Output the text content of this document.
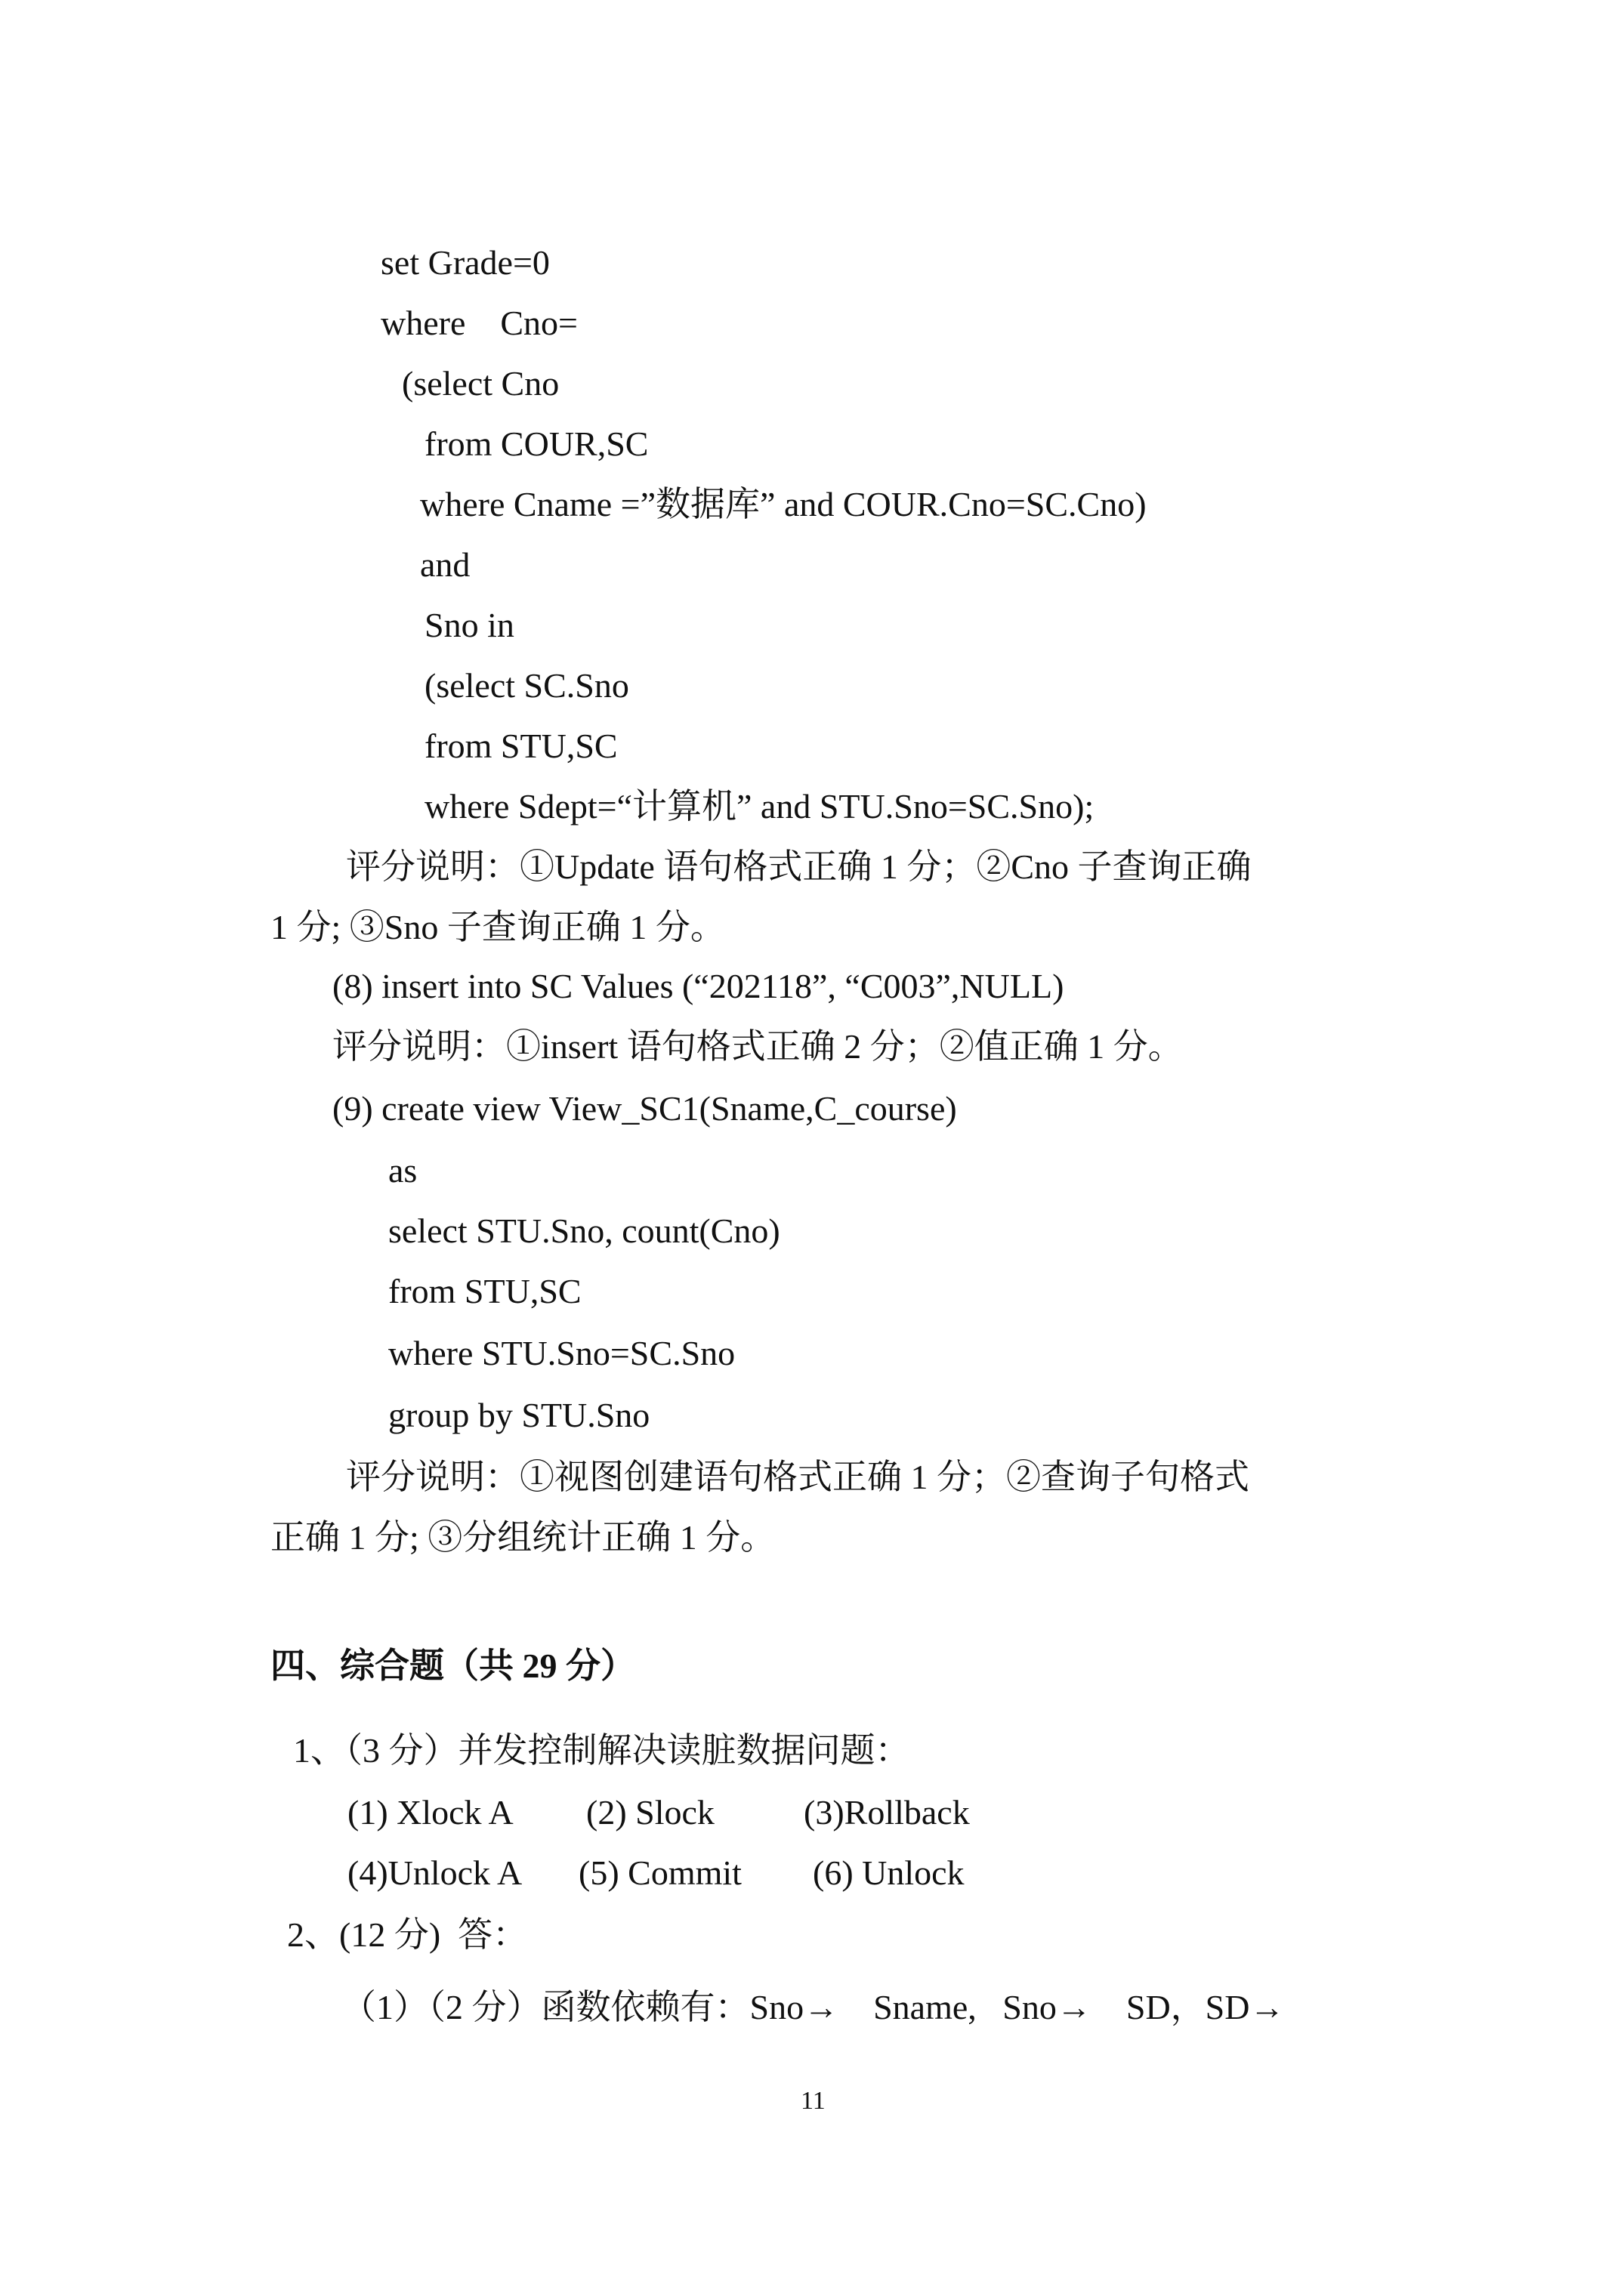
set Grade=0
where    Cno=
(select Cno
from COUR,SC
where Cname =”数据库” and COUR.Cno=SC.Cno)
and
Sno in
(select SC.Sno
from STU,SC
where Sdept=“计算机” and STU.Sno=SC.Sno);
评分说明：①Update 语句格式正确 1 分；②Cno 子查询正确
1 分; ③Sno 子查询正确 1 分。
(8) insert into SC Values (“202118”, “C003”,NULL)
评分说明：①insert 语句格式正确 2 分；②值正确 1 分。
(9) create view View_SC1(Sname,C_course)
as
select STU.Sno, count(Cno)
from STU,SC
where STU.Sno=SC.Sno
group by STU.Sno
评分说明：①视图创建语句格式正确 1 分；②查询子句格式
正确 1 分; ③分组统计正确 1 分。
四、综合题（共 29 分）
1、（3 分）并发控制解决读脏数据问题：
(1) Xlock A (2) Slock	(3)Rollback
(4)Unlock A (5) Commit (6) Unlock
2、(12 分)  答：
（1）（2 分）函数依赖有：Sno→    Sname,   Sno→    SD，SD→
11
